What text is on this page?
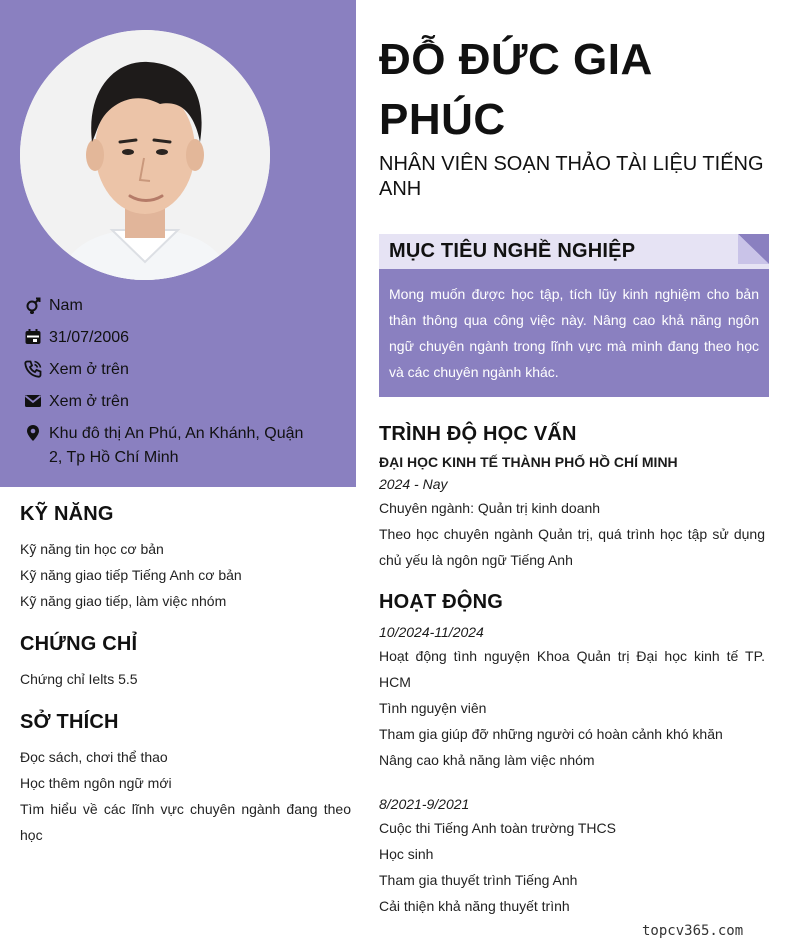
Nam
31/07/2006
Xem ở trên
Xem ở trên
Khu đô thị An Phú, An Khánh, Quận 2, Tp Hồ Chí Minh
KỸ NĂNG
Kỹ năng tin học cơ bản
Kỹ năng giao tiếp Tiếng Anh cơ bản
Kỹ năng giao tiếp, làm việc nhóm
CHỨNG CHỈ
Chứng chỉ Ielts 5.5
SỞ THÍCH
Đọc sách, chơi thể thao
Học thêm ngôn ngữ mới
Tìm hiểu về các lĩnh vực chuyên ngành đang theo học
ĐỖ ĐỨC GIA PHÚC
NHÂN VIÊN SOẠN THẢO TÀI LIỆU TIẾNG ANH
MỤC TIÊU NGHỀ NGHIỆP
Mong muốn được học tập, tích lũy kinh nghiệm cho bản thân thông qua công việc này. Nâng cao khả năng ngôn ngữ chuyên ngành trong lĩnh vực mà mình đang theo học và các chuyên ngành khác.
TRÌNH ĐỘ HỌC VẤN
ĐẠI HỌC KINH TẾ THÀNH PHỐ HỒ CHÍ MINH
2024 - Nay
Chuyên ngành: Quản trị kinh doanh
Theo học chuyên ngành Quản trị, quá trình học tập sử dụng chủ yếu là ngôn ngữ Tiếng Anh
HOẠT ĐỘNG
10/2024-11/2024
Hoạt động tình nguyện Khoa Quản trị Đại học kinh tế TP. HCM
Tình nguyện viên
Tham gia giúp đỡ những người có hoàn cảnh khó khăn
Nâng cao khả năng làm việc nhóm
8/2021-9/2021
Cuộc thi Tiếng Anh toàn trường THCS
Học sinh
Tham gia thuyết trình Tiếng Anh
Cải thiện khả năng thuyết trình
topcv365.com
